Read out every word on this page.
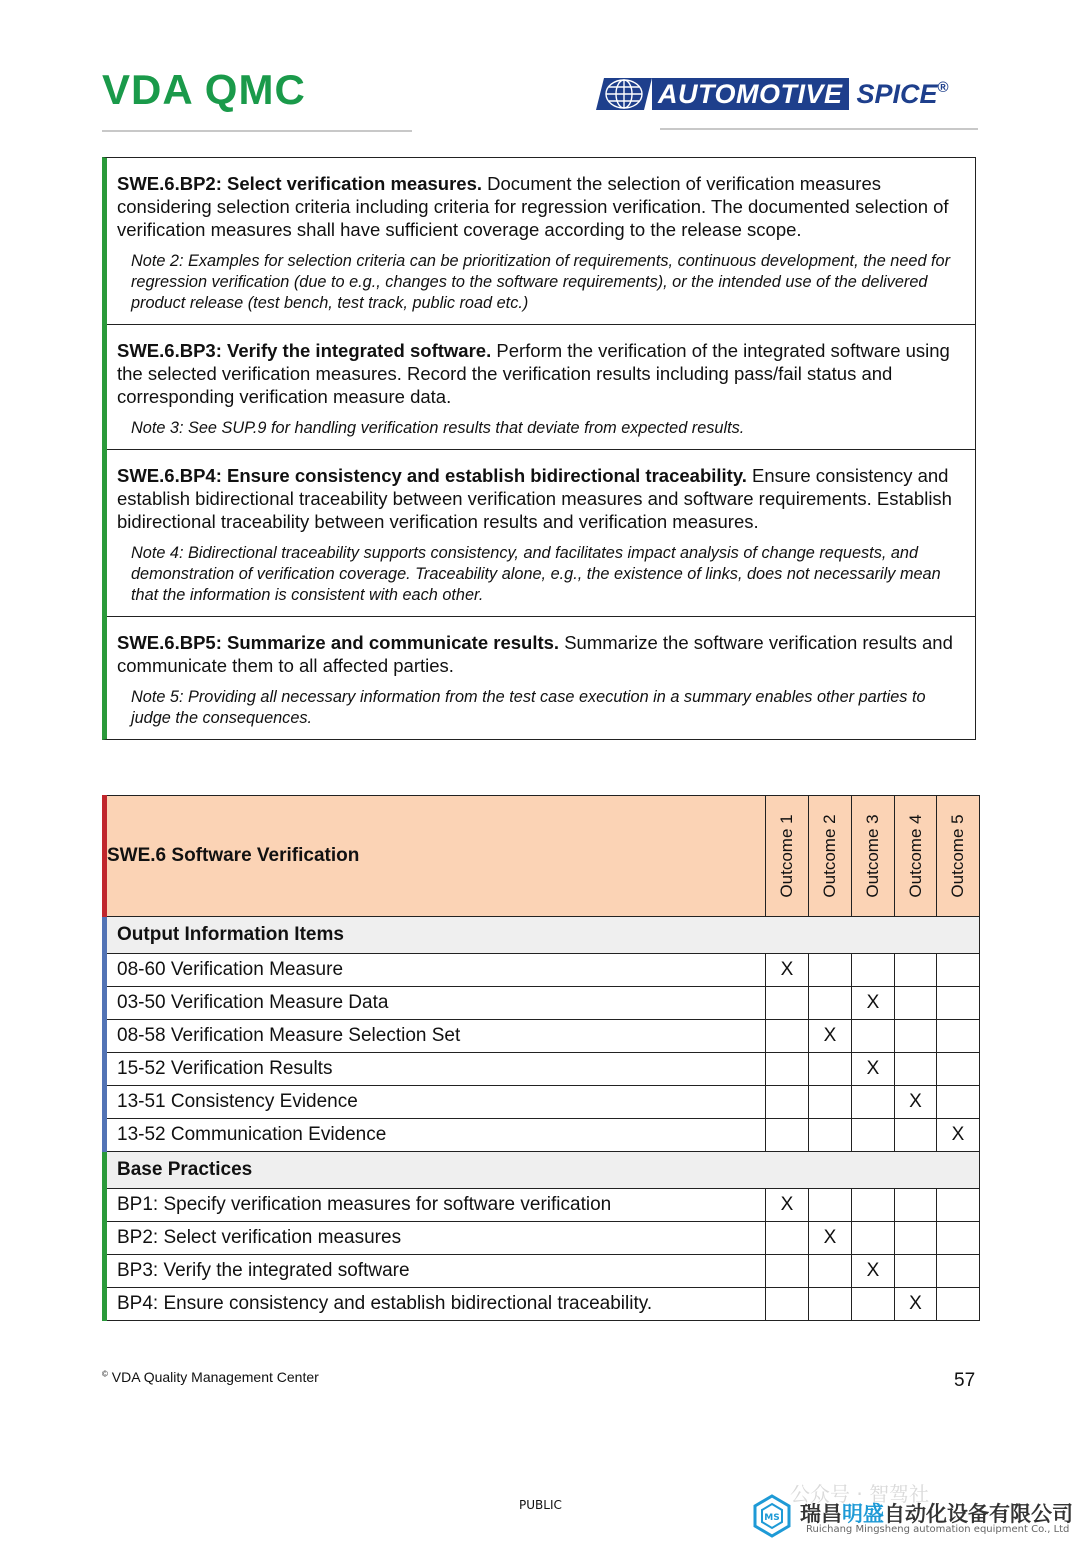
VDA QMC	AUTOMOTIVE SPICE®
SWE.6.BP2: Select verification measures. Document the selection of verification measures considering selection criteria including criteria for regression verification. The documented selection of verification measures shall have sufficient coverage according to the release scope.
Note 2: Examples for selection criteria can be prioritization of requirements, continuous development, the need for regression verification (due to e.g., changes to the software requirements), or the intended use of the delivered product release (test bench, test track, public road etc.)
SWE.6.BP3: Verify the integrated software. Perform the verification of the integrated software using the selected verification measures. Record the verification results including pass/fail status and corresponding verification measure data.
Note 3: See SUP.9 for handling verification results that deviate from expected results.
SWE.6.BP4: Ensure consistency and establish bidirectional traceability. Ensure consistency and establish bidirectional traceability between verification measures and software requirements. Establish bidirectional traceability between verification results and verification measures.
Note 4: Bidirectional traceability supports consistency, and facilitates impact analysis of change requests, and demonstration of verification coverage. Traceability alone, e.g., the existence of links, does not necessarily mean that the information is consistent with each other.
SWE.6.BP5: Summarize and communicate results. Summarize the software verification results and communicate them to all affected parties.
Note 5: Providing all necessary information from the test case execution in a summary enables other parties to judge the consequences.
SWE.6 Software Verification	Outcome 1	Outcome 2	Outcome 3	Outcome 4	Outcome 5

Output Information Items					
08-60 Verification Measure	X				
03-50 Verification Measure Data			X		
08-58 Verification Measure Selection Set		X			
15-52 Verification Results			X		
13-51 Consistency Evidence				X	
13-52 Communication Evidence					X
Base Practices					
BP1: Specify verification measures for software verification	X				
BP2: Select verification measures		X			
BP3: Verify the integrated software			X		
BP4: Ensure consistency and establish bidirectional traceability.				X	
© VDA Quality Management Center	57
PUBLIC	公众号 · 智驾社
MS 瑞昌明盛自动化设备有限公司
Ruichang Mingsheng automation equipment Co., Ltd
